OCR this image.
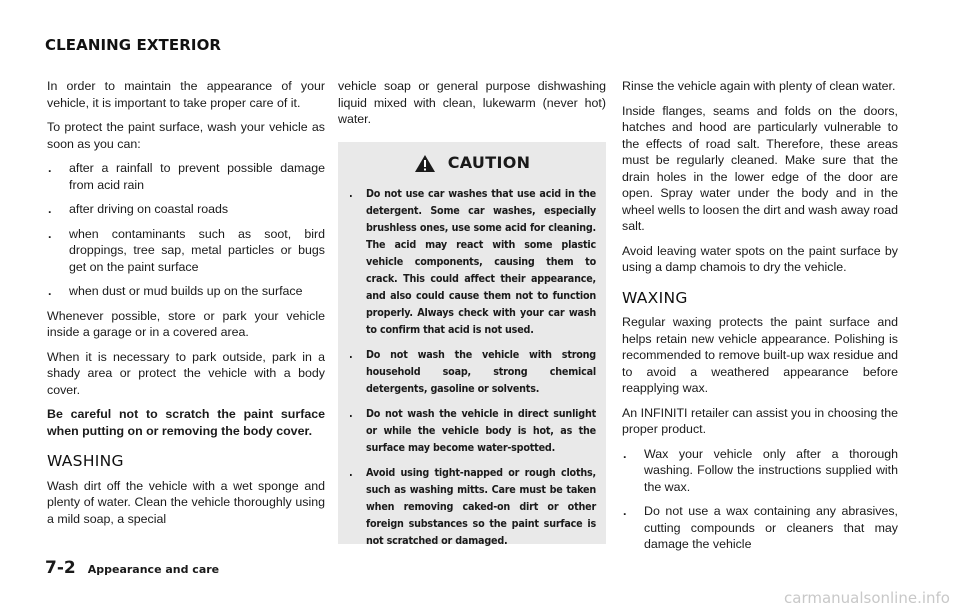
CLEANING EXTERIOR

In order to maintain the appearance of your vehicle, it is important to take proper care of it.

To protect the paint surface, wash your vehicle as soon as you can:

. after a rainfall to prevent possible damage from acid rain
. after driving on coastal roads
. when contaminants such as soot, bird droppings, tree sap, metal particles or bugs get on the paint surface
. when dust or mud builds up on the surface

Whenever possible, store or park your vehicle inside a garage or in a covered area.

When it is necessary to park outside, park in a shady area or protect the vehicle with a body cover.

Be careful not to scratch the paint surface when putting on or removing the body cover.

WASHING

Wash dirt off the vehicle with a wet sponge and plenty of water. Clean the vehicle thoroughly using a mild soap, a special

vehicle soap or general purpose dishwashing liquid mixed with clean, lukewarm (never hot) water.

CAUTION
. Do not use car washes that use acid in the detergent. Some car washes, especially brushless ones, use some acid for cleaning. The acid may react with some plastic vehicle components, causing them to crack. This could affect their appearance, and also could cause them not to function properly. Always check with your car wash to confirm that acid is not used.
. Do not wash the vehicle with strong household soap, strong chemical detergents, gasoline or solvents.
. Do not wash the vehicle in direct sunlight or while the vehicle body is hot, as the surface may become water-spotted.
. Avoid using tight-napped or rough cloths, such as washing mitts. Care must be taken when removing caked-on dirt or other foreign substances so the paint surface is not scratched or damaged.

Rinse the vehicle again with plenty of clean water.

Inside flanges, seams and folds on the doors, hatches and hood are particularly vulnerable to the effects of road salt. Therefore, these areas must be regularly cleaned. Make sure that the drain holes in the lower edge of the door are open. Spray water under the body and in the wheel wells to loosen the dirt and wash away road salt.

Avoid leaving water spots on the paint surface by using a damp chamois to dry the vehicle.

WAXING

Regular waxing protects the paint surface and helps retain new vehicle appearance. Polishing is recommended to remove built-up wax residue and to avoid a weathered appearance before reapplying wax.

An INFINITI retailer can assist you in choosing the proper product.

. Wax your vehicle only after a thorough washing. Follow the instructions supplied with the wax.
. Do not use a wax containing any abrasives, cutting compounds or cleaners that may damage the vehicle
7-2 Appearance and care
carmanualsonline.info
